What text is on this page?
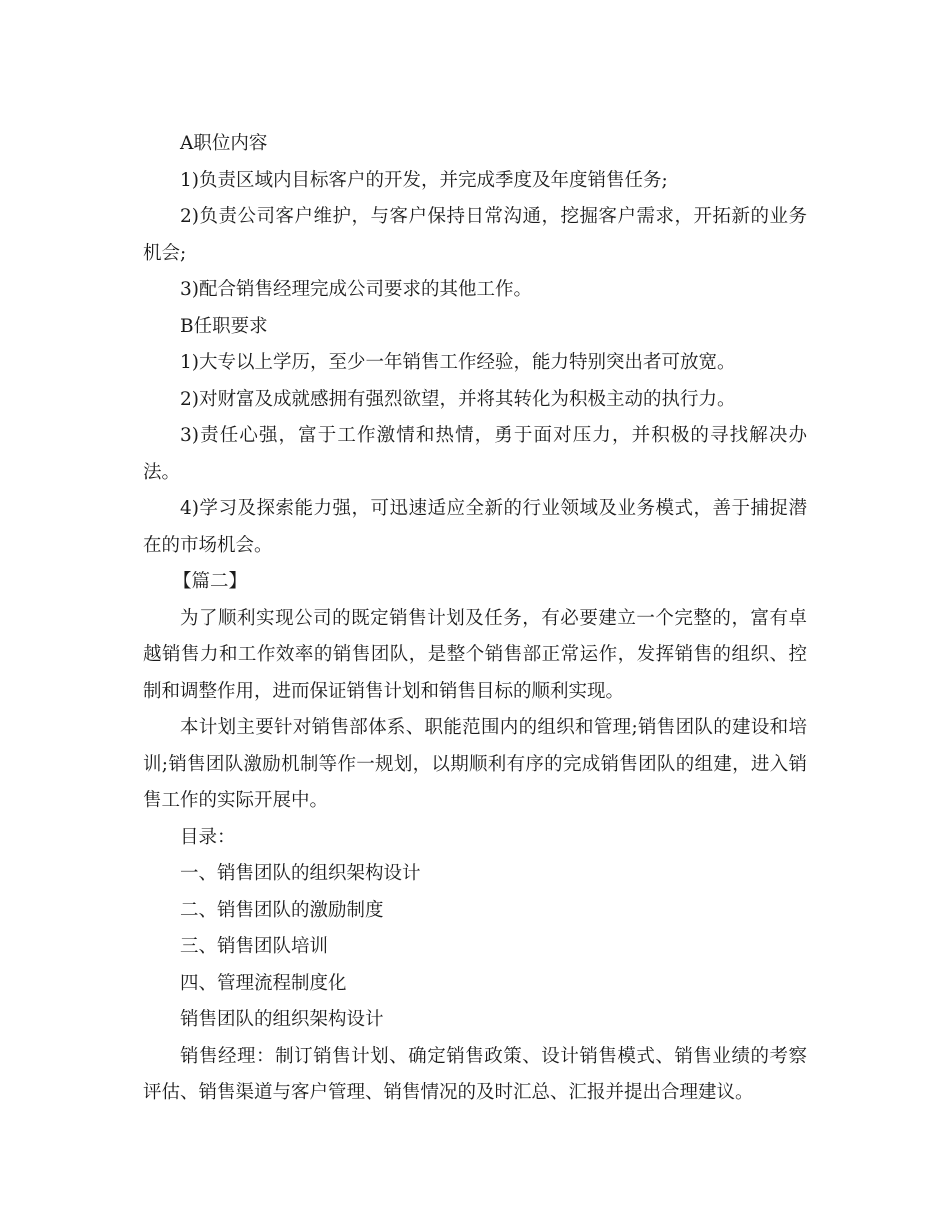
A职位内容

1)负责区域内目标客户的开发，并完成季度及年度销售任务;

2)负责公司客户维护，与客户保持日常沟通，挖掘客户需求，开拓新的业务机会;

3)配合销售经理完成公司要求的其他工作。

B任职要求

1)大专以上学历，至少一年销售工作经验，能力特别突出者可放宽。

2)对财富及成就感拥有强烈欲望，并将其转化为积极主动的执行力。

3)责任心强，富于工作激情和热情，勇于面对压力，并积极的寻找解决办法。

4)学习及探索能力强，可迅速适应全新的行业领域及业务模式，善于捕捉潜在的市场机会。

【篇二】

为了顺利实现公司的既定销售计划及任务，有必要建立一个完整的，富有卓越销售力和工作效率的销售团队，是整个销售部正常运作，发挥销售的组织、控制和调整作用，进而保证销售计划和销售目标的顺利实现。

本计划主要针对销售部体系、职能范围内的组织和管理;销售团队的建设和培训;销售团队激励机制等作一规划，以期顺利有序的完成销售团队的组建，进入销售工作的实际开展中。

目录：

一、销售团队的组织架构设计

二、销售团队的激励制度

三、销售团队培训

四、管理流程制度化

销售团队的组织架构设计

销售经理：制订销售计划、确定销售政策、设计销售模式、销售业绩的考察评估、销售渠道与客户管理、销售情况的及时汇总、汇报并提出合理建议。
